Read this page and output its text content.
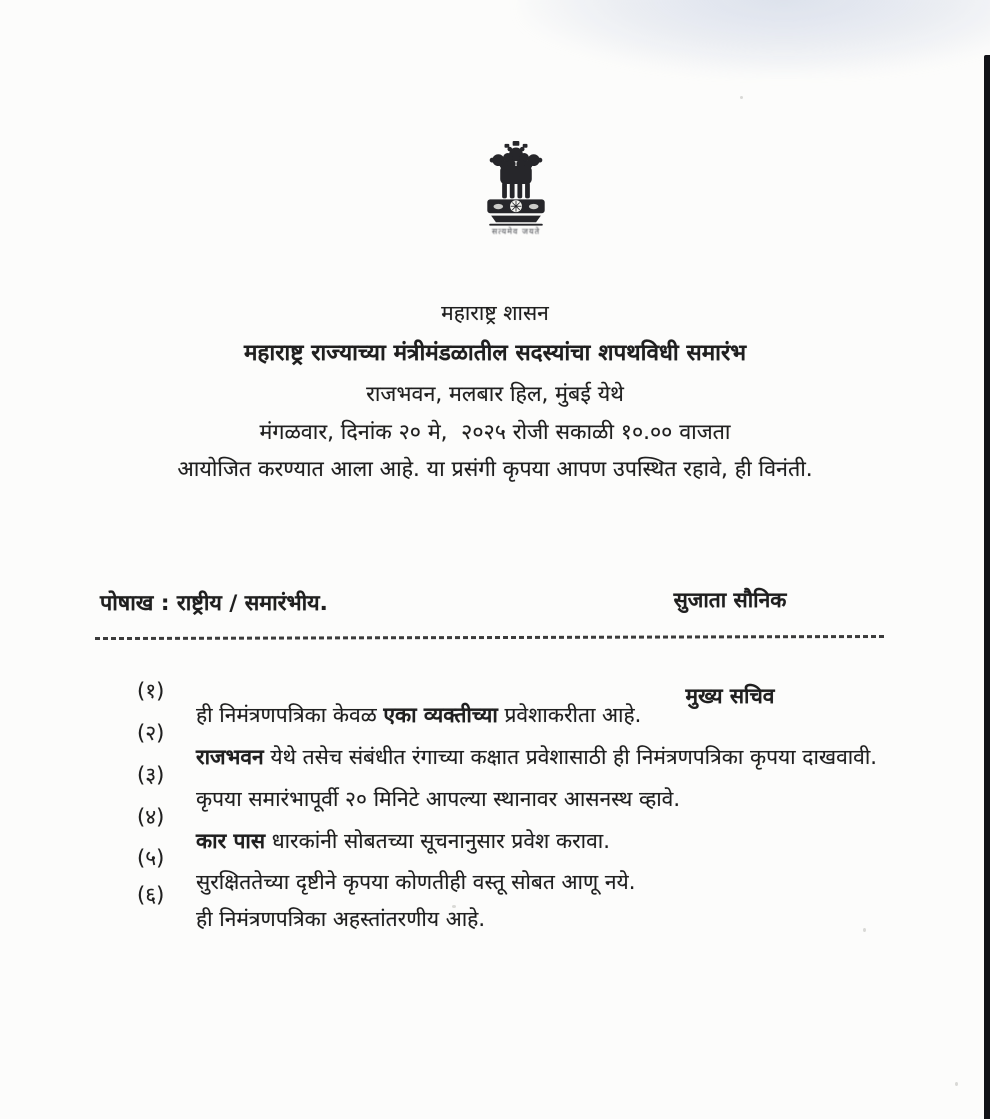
सत्यमेव जयते
महाराष्ट्र शासन
महाराष्ट्र राज्याच्या मंत्रीमंडळातील सदस्यांचा शपथविधी समारंभ
राजभवन, मलबार हिल, मुंबई येथे
मंगळवार, दिनांक २० मे,  २०२५ रोजी सकाळी १०.०० वाजता
आयोजित करण्यात आला आहे. या प्रसंगी कृपया आपण उपस्थित रहावे, ही विनंती.

सुजाता सौनिक

मुख्य सचिव

पोषाख : राष्ट्रीय / समारंभीय.

(१)

ही निमंत्रणपत्रिका केवळ एका व्यक्तीच्या प्रवेशाकरीता आहे.

(२)

राजभवन येथे तसेच संबंधीत रंगाच्या कक्षात प्रवेशासाठी ही निमंत्रणपत्रिका कृपया दाखवावी.

(३)

कृपया समारंभापूर्वी २० मिनिटे आपल्या स्थानावर आसनस्थ व्हावे.

(४)

कार पास धारकांनी सोबतच्या सूचनानुसार प्रवेश करावा.

(५)

सुरक्षिततेच्या दृष्टीने कृपया कोणतीही वस्तू सोबत आणू नये.

(६)

ही निमंत्रणपत्रिका अहस्तांतरणीय आहे.
